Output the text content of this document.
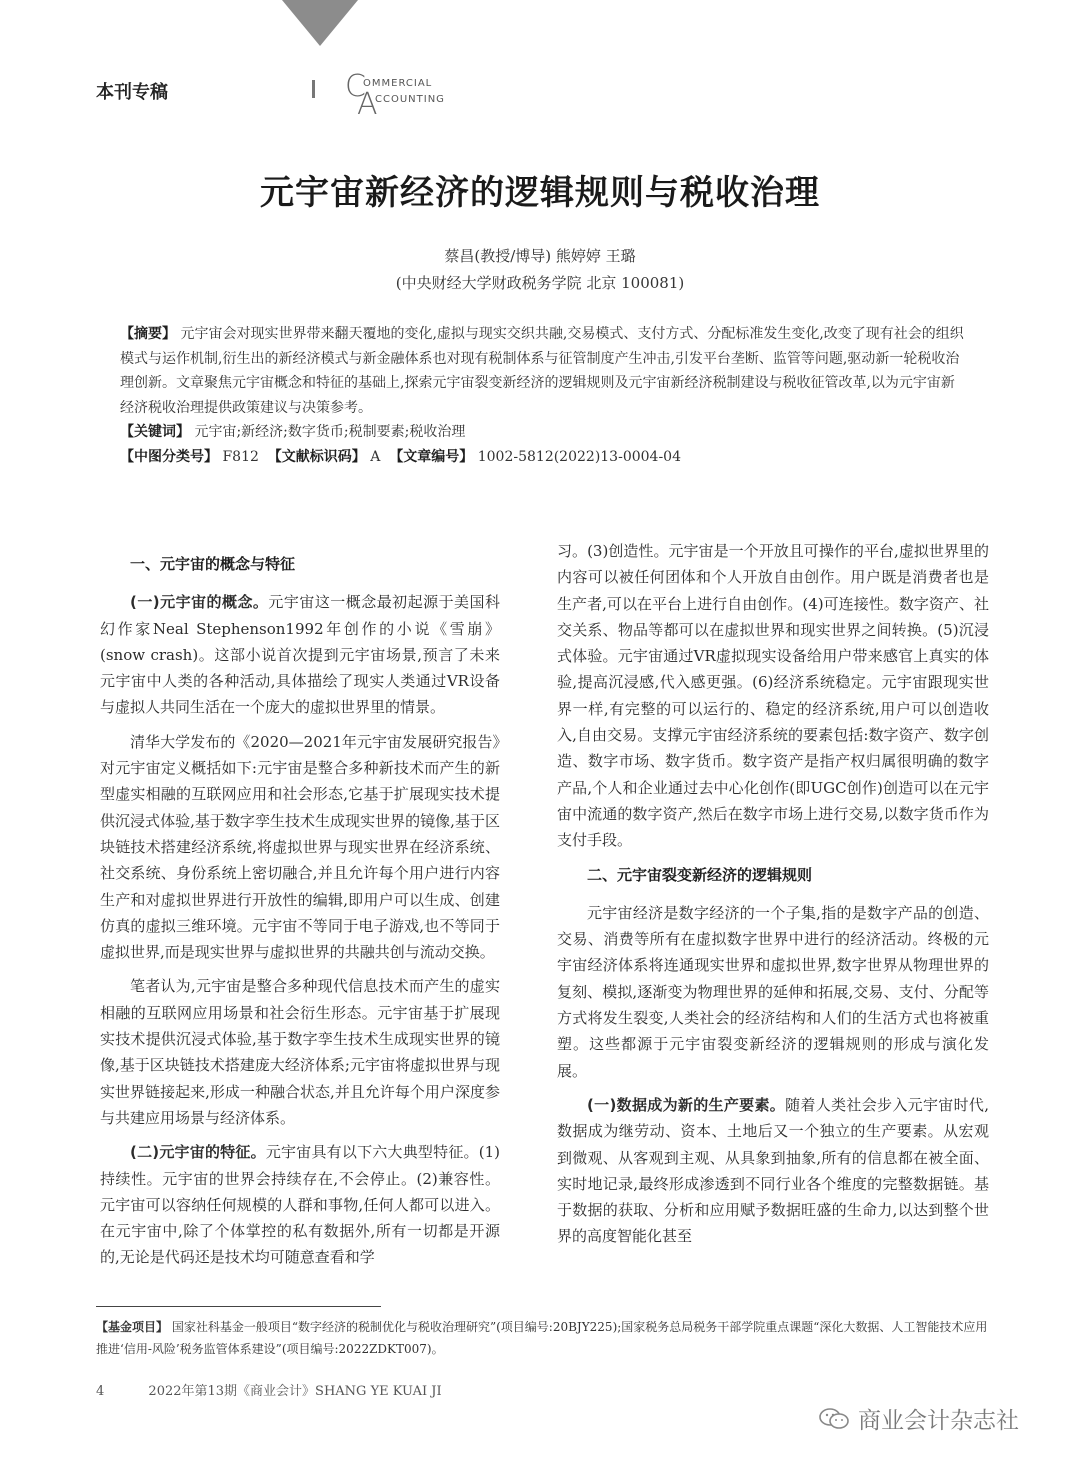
本刊专稿	C
OMMERCIAL
A
CCOUNTING
元宇宙新经济的逻辑规则与税收治理
蔡昌(教授/博导) 熊婷婷 王璐
(中央财经大学财政税务学院 北京 100081)

【摘要】 元宇宙会对现实世界带来翻天覆地的变化,虚拟与现实交织共融,交易模式、支付方式、分配标准发生变化,改变了现有社会的组织模式与运作机制,衍生出的新经济模式与新金融体系也对现有税制体系与征管制度产生冲击,引发平台垄断、监管等问题,驱动新一轮税收治理创新。文章聚焦元宇宙概念和特征的基础上,探索元宇宙裂变新经济的逻辑规则及元宇宙新经济税制建设与税收征管改革,以为元宇宙新经济税收治理提供政策建议与决策参考。

【关键词】 元宇宙;新经济;数字货币;税制要素;税收治理

【中图分类号】 F812 【文献标识码】 A 【文章编号】 1002-5812(2022)13-0004-04

一、元宇宙的概念与特征

(一)元宇宙的概念。元宇宙这一概念最初起源于美国科幻作家Neal Stephenson1992年创作的小说《雪崩》(snow crash)。这部小说首次提到元宇宙场景,预言了未来元宇宙中人类的各种活动,具体描绘了现实人类通过VR设备与虚拟人共同生活在一个庞大的虚拟世界里的情景。

清华大学发布的《2020—2021年元宇宙发展研究报告》对元宇宙定义概括如下:元宇宙是整合多种新技术而产生的新型虚实相融的互联网应用和社会形态,它基于扩展现实技术提供沉浸式体验,基于数字孪生技术生成现实世界的镜像,基于区块链技术搭建经济系统,将虚拟世界与现实世界在经济系统、社交系统、身份系统上密切融合,并且允许每个用户进行内容生产和对虚拟世界进行开放性的编辑,即用户可以生成、创建仿真的虚拟三维环境。元宇宙不等同于电子游戏,也不等同于虚拟世界,而是现实世界与虚拟世界的共融共创与流动交换。

笔者认为,元宇宙是整合多种现代信息技术而产生的虚实相融的互联网应用场景和社会衍生形态。元宇宙基于扩展现实技术提供沉浸式体验,基于数字孪生技术生成现实世界的镜像,基于区块链技术搭建庞大经济体系;元宇宙将虚拟世界与现实世界链接起来,形成一种融合状态,并且允许每个用户深度参与共建应用场景与经济体系。

(二)元宇宙的特征。元宇宙具有以下六大典型特征。(1)持续性。元宇宙的世界会持续存在,不会停止。(2)兼容性。元宇宙可以容纳任何规模的人群和事物,任何人都可以进入。在元宇宙中,除了个体掌控的私有数据外,所有一切都是开源的,无论是代码还是技术均可随意查看和学

习。(3)创造性。元宇宙是一个开放且可操作的平台,虚拟世界里的内容可以被任何团体和个人开放自由创作。用户既是消费者也是生产者,可以在平台上进行自由创作。(4)可连接性。数字资产、社交关系、物品等都可以在虚拟世界和现实世界之间转换。(5)沉浸式体验。元宇宙通过VR虚拟现实设备给用户带来感官上真实的体验,提高沉浸感,代入感更强。(6)经济系统稳定。元宇宙跟现实世界一样,有完整的可以运行的、稳定的经济系统,用户可以创造收入,自由交易。支撑元宇宙经济系统的要素包括:数字资产、数字创造、数字市场、数字货币。数字资产是指产权归属很明确的数字产品,个人和企业通过去中心化创作(即UGC创作)创造可以在元宇宙中流通的数字资产,然后在数字市场上进行交易,以数字货币作为支付手段。

二、元宇宙裂变新经济的逻辑规则

元宇宙经济是数字经济的一个子集,指的是数字产品的创造、交易、消费等所有在虚拟数字世界中进行的经济活动。终极的元宇宙经济体系将连通现实世界和虚拟世界,数字世界从物理世界的复刻、模拟,逐渐变为物理世界的延伸和拓展,交易、支付、分配等方式将发生裂变,人类社会的经济结构和人们的生活方式也将被重塑。这些都源于元宇宙裂变新经济的逻辑规则的形成与演化发展。

(一)数据成为新的生产要素。随着人类社会步入元宇宙时代,数据成为继劳动、资本、土地后又一个独立的生产要素。从宏观到微观、从客观到主观、从具象到抽象,所有的信息都在被全面、实时地记录,最终形成渗透到不同行业各个维度的完整数据链。基于数据的获取、分析和应用赋予数据旺盛的生命力,以达到整个世界的高度智能化甚至

【基金项目】 国家社科基金一般项目“数字经济的税制优化与税收治理研究”(项目编号:20BJY225);国家税务总局税务干部学院重点课题“深化大数据、人工智能技术应用 推进‘信用-风险’税务监管体系建设”(项目编号:2022ZDKT007)。
4	2022年第13期《商业会计》SHANG YE KUAI JI
商业会计杂志社
